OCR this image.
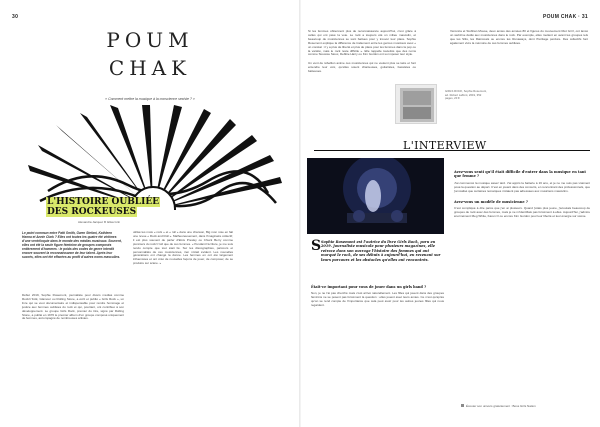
30
POUM
CHAK
« Comment mettre la musique à la conscience sexiste ? »
L'HISTOIRE OUBLIÉE
DES ROCKEUSES
Alexandra Jacquet ★ Elisa Grin
Le point commun entre Patti Smith, Gwen Stefani, Kathleen Hanna et Annie Clark ? Elles ont toutes les quatre été victimes d’une ventriloquie dans le monde des médias musicaux. Souvent, elles ont été la seule figure féminine de groupes composés entièrement d'hommes : le poids des codes de genre interdit encore souvent la reconnaissance de leur talent. Après leur succès, elles ont été effacées au profit d'autres noms masculins.
Début 2019, Sophie Rosemont, journaliste pour divers médias comme Rock’n’Folk, Glamour ou Rolling Stone, a écrit et publié « Girls Rock », un livre qui se veut documentaire et indispensable pour rendre hommage et justice aux femmes oubliées du rock et qui, pourtant, ont contribué à son développement. Le groupe Girls Rock, premier du titre, signé par Rolling Stone, a publié en 1976 le premier album d'un groupe composé uniquement de femmes, accompagné de nombreuses artistes.
utilisé les mots « rock » et « roll » dans une chanson, Big mon noie en fait une revue « Rock and Roll ». Malheureusement, dans l'imaginaire collectif, il est plus souvent de parler d'Elvis Presley ou Chuck Berry comme pionniers du rock’n’roll que de ces femmes. « Pendant l'écriture, je me suis rendu compte que tout était lié. Sur les discographies, parcours et personnalités de ces musiciennes, rien n'était évident. Les nouvelles générations ont changé la donne. Les femmes en ont été largement influencées et ont créé de nouvelles façons de jouer, de composer, de se produire sur scène. »
POUM CHAK · 31
Si les femmes obtiennent plus de reconnaissance aujourd'hui, c'est grâce à celles qui ont pavé la voie. Le rock a toujours été un milieu masculin, et beaucoup de musiciennes se sont battues pour y trouver leur place. Sophie Rosemont explique la différence de traitement entre les genres musicaux avec « un constat : il y a plus de liberté et plus de place pour les femmes dans la pop ou la variété, mais le rock reste difficile ». Elle rappelle toutefois que des noms comme Siouxsie Sioux, Debbie Harry ou Kim Gordon ont su imposer leur style.
Un vent de rébellion anime ces musiciennes qui ne veulent plus se taire et font entendre leur voix, qu'elles soient chanteuses, guitaristes, bassistes ou batteuses.
Véronica et Siobhan Mouse, deux amies des années 80 et figures du mouvement Riot Grrrl, ont lancé un webzine dédié aux musiciennes dans le rock. Par exemple, elles mettent en avant les groupes tels que les Slits, les Raincoats ou encore les Runaways, dont l'héritage perdure. Des collectifs font également vivre la mémoire de ces femmes oubliées.
GIRLS ROCK, Sophie Rosemont, éd. Robert Laffont, 2019, 352 pages, 20 €
L'INTERVIEW
S Sophie Rosemont est l'autrice du livre Girls Rock, paru en 2019. Journaliste musicale pour plusieurs magazines, elle retrace dans son ouvrage l'histoire des femmes qui ont marqué le rock, de ses débuts à aujourd'hui, en revenant sur leurs parcours et les obstacles qu'elles ont rencontrés.
Était-ce important pour vous de jouer dans un girls band ?
Non, je ne l'ai pas cherché mais c'est arrivé naturellement. Les filles qui jouent dans des groupes féminins ne se posent pas forcément la question : elles jouent avec leurs amies. Ce n'est qu'après qu'on se rend compte de l'importance que cela peut avoir pour les autres jeunes filles qui nous regardent.
Avez-vous senti qu'il était difficile d'entrer dans la musique en tant que femme ?
J'ai commencé la musique assez tard. J'ai appris la batterie à 16 ans, et je ne me suis pas vraiment posé la question au départ. C'est en jouant dans des concerts, en rencontrant des professionnels, que j'ai réalisé que certaines remarques n'étaient pas adressées aux musiciens masculins.
Avez-vous un modèle de musicienne ?
C'est compliqué à dire parce que j'en ai plusieurs. Quand j'étais plus jeune, j'écoutais beaucoup de groupes de rock avec des femmes, mais je ne m'identifiais pas forcément à elles. Aujourd'hui, j'admire énormément Meg White, Karen O ou encore Kim Gordon pour leur liberté et leur énergie sur scène.
Écouter son univers gratuitement : Boss Girls Nation
